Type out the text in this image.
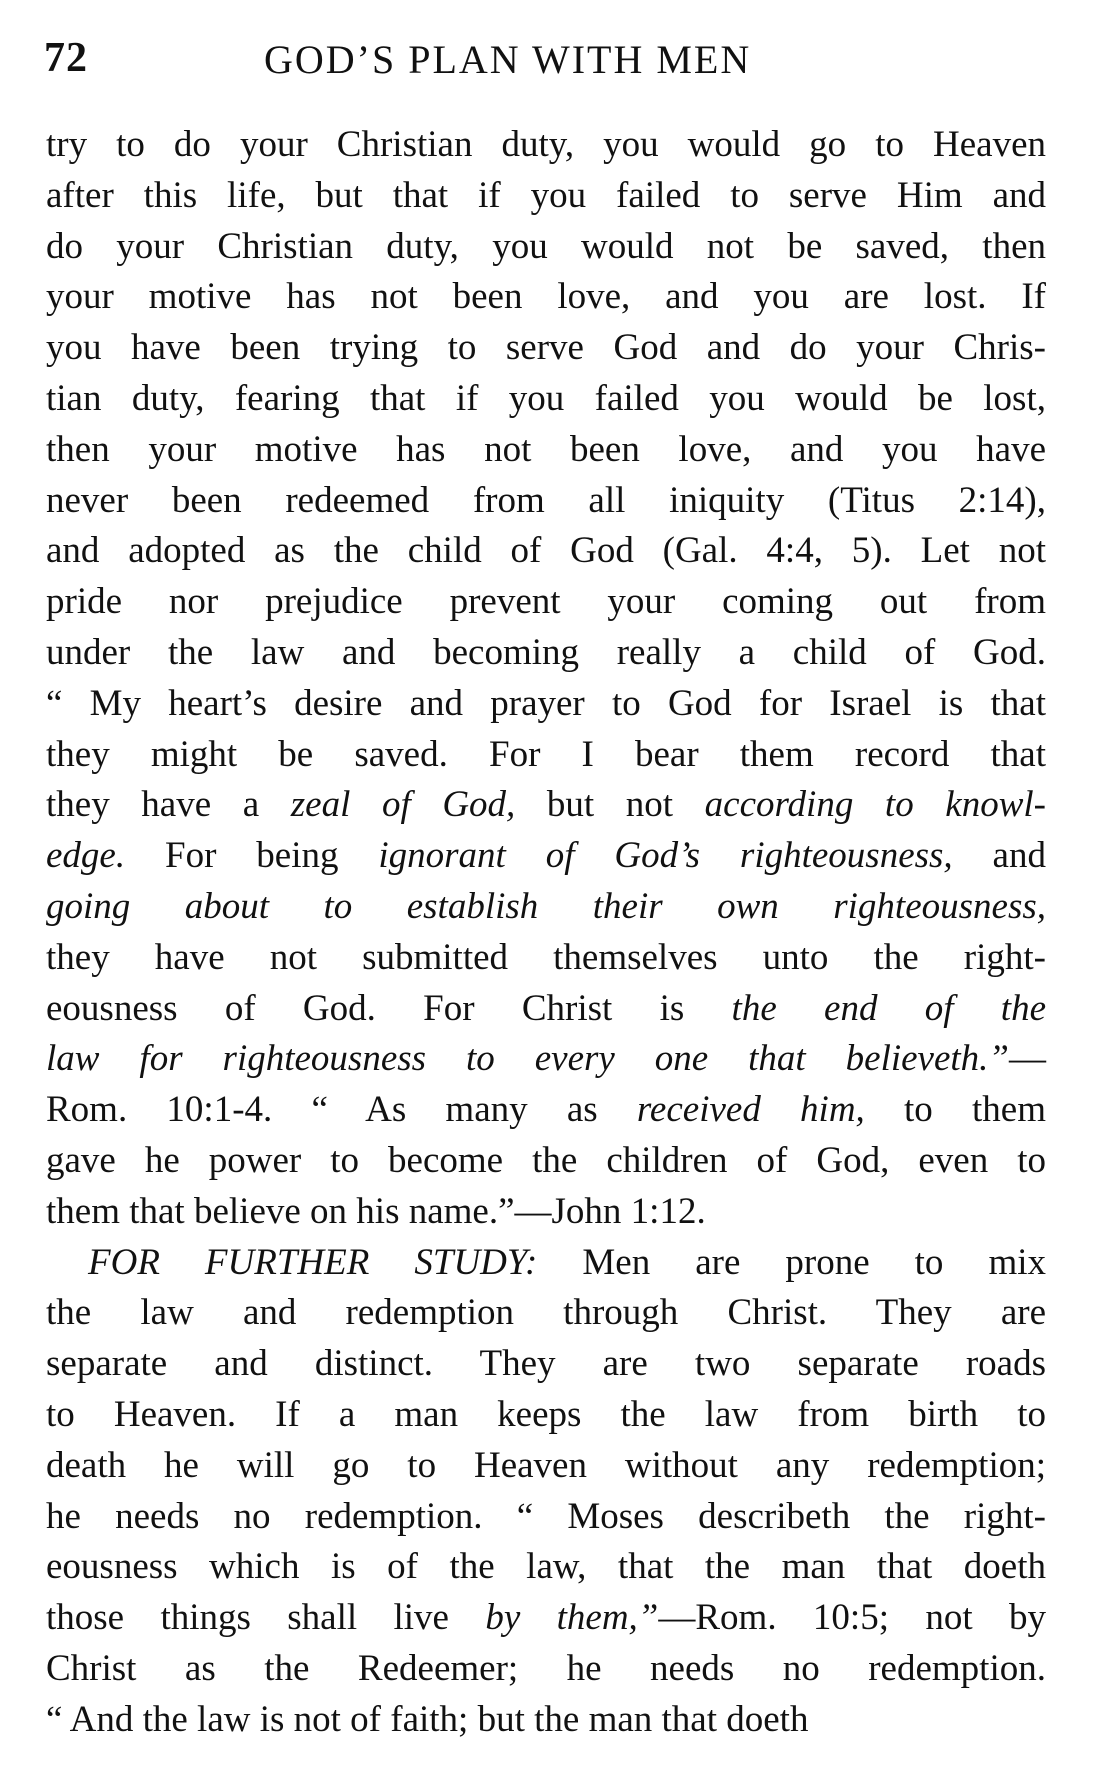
72	GOD’S PLAN WITH MEN
try to do your Christian duty, you would go to Heaven
after this life, but that if you failed to serve Him and
do your Christian duty, you would not be saved, then
your motive has not been love, and you are lost. If
you have been trying to serve God and do your Chris-
tian duty, fearing that if you failed you would be lost,
then your motive has not been love, and you have
never been redeemed from all iniquity (Titus 2:14),
and adopted as the child of God (Gal. 4:4, 5). Let not
pride nor prejudice prevent your coming out from
under the law and becoming really a child of God.
“ My heart’s desire and prayer to God for Israel is that
they might be saved. For I bear them record that
they have a zeal of God, but not according to knowl-
edge. For being ignorant of God’s righteousness, and
going about to establish their own righteousness,
they have not submitted themselves unto the right-
eousness of God. For Christ is the end of the
law for righteousness to every one that believeth.”—
Rom. 10:1-4. “ As many as received him, to them
gave he power to become the children of God, even to
them that believe on his name.”—John 1:12.
FOR FURTHER STUDY: Men are prone to mix
the law and redemption through Christ. They are
separate and distinct. They are two separate roads
to Heaven. If a man keeps the law from birth to
death he will go to Heaven without any redemption;
he needs no redemption. “ Moses describeth the right-
eousness which is of the law, that the man that doeth
those things shall live by them,”—Rom. 10:5; not by
Christ as the Redeemer; he needs no redemption.
“ And the law is not of faith; but the man that doeth
